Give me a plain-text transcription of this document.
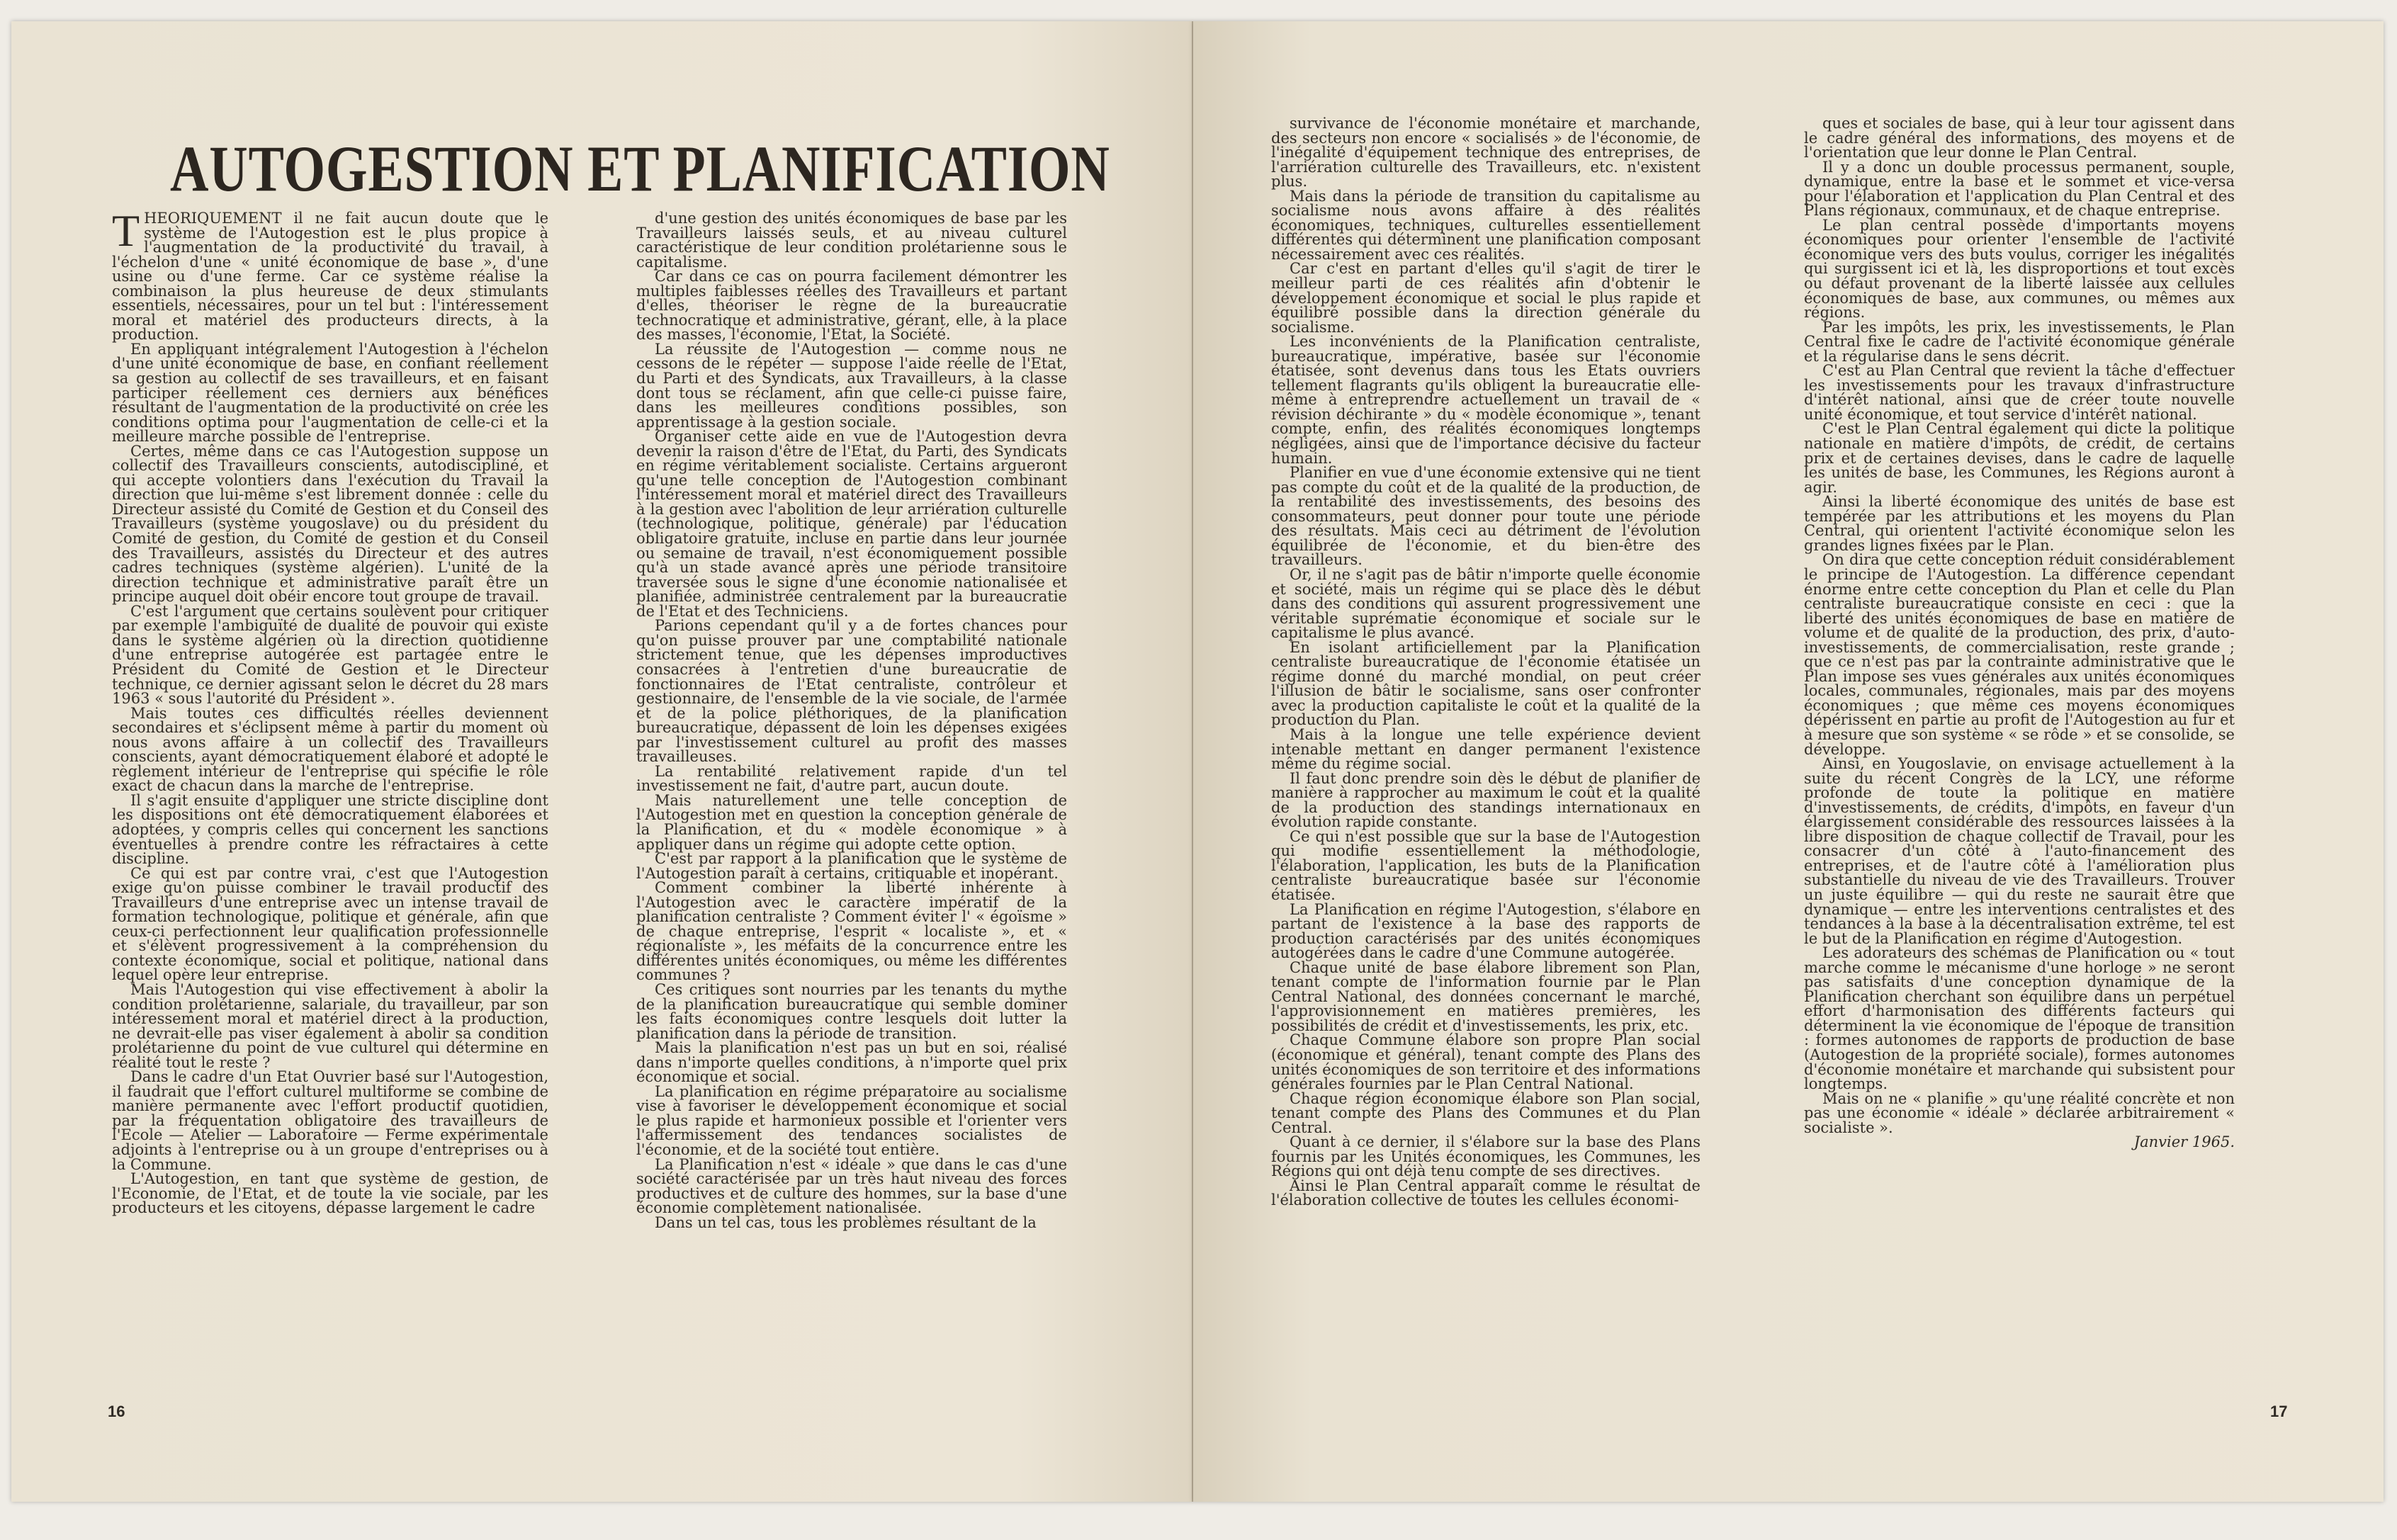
AUTOGESTION ET PLANIFICATION

THEORIQUEMENT il ne fait aucun doute que le système de l'Autogestion est le plus propice à l'augmentation de la productivité du travail, à l'échelon d'une « unité économique de base », d'une usine ou d'une ferme. Car ce système réalise la combinaison la plus heureuse de deux stimulants essentiels, nécessaires, pour un tel but : l'intéressement moral et matériel des producteurs directs, à la production.

En appliquant intégralement l'Autogestion à l'échelon d'une unité économique de base, en confiant réellement sa gestion au collectif de ses travailleurs, et en faisant participer réellement ces derniers aux bénéfices résultant de l'augmentation de la productivité on crée les conditions optima pour l'augmentation de celle-ci et la meilleure marche possible de l'entreprise.

Certes, même dans ce cas l'Autogestion suppose un collectif des Travailleurs conscients, autodiscipliné, et qui accepte volontiers dans l'exécution du Travail la direction que lui-même s'est librement donnée : celle du Directeur assisté du Comité de Gestion et du Conseil des Travailleurs (système yougoslave) ou du président du Comité de gestion, du Comité de gestion et du Conseil des Travailleurs, assistés du Directeur et des autres cadres techniques (système algérien). L'unité de la direction technique et administrative paraît être un principe auquel doit obéir encore tout groupe de travail.

C'est l'argument que certains soulèvent pour critiquer par exemple l'ambiguïté de dualité de pouvoir qui existe dans le système algérien où la direction quotidienne d'une entreprise autogérée est partagée entre le Président du Comité de Gestion et le Directeur technique, ce dernier agissant selon le décret du 28 mars 1963 « sous l'autorité du Président ».

Mais toutes ces difficultés réelles deviennent secondaires et s'éclipsent même à partir du moment où nous avons affaire à un collectif des Travailleurs conscients, ayant démocratiquement élaboré et adopté le règlement intérieur de l'entreprise qui spécifie le rôle exact de chacun dans la marche de l'entreprise.

Il s'agit ensuite d'appliquer une stricte discipline dont les dispositions ont été démocratiquement élaborées et adoptées, y compris celles qui concernent les sanctions éventuelles à prendre contre les réfractaires à cette discipline.

Ce qui est par contre vrai, c'est que l'Autogestion exige qu'on puisse combiner le travail productif des Travailleurs d'une entreprise avec un intense travail de formation technologique, politique et générale, afin que ceux-ci perfectionnent leur qualification professionnelle et s'élèvent progressivement à la compréhension du contexte économique, social et politique, national dans lequel opère leur entreprise.

Mais l'Autogestion qui vise effectivement à abolir la condition prolétarienne, salariale, du travailleur, par son intéressement moral et matériel direct à la production, ne devrait-elle pas viser également à abolir sa condition prolétarienne du point de vue culturel qui détermine en réalité tout le reste ?

Dans le cadre d'un Etat Ouvrier basé sur l'Autogestion, il faudrait que l'effort culturel multiforme se combine de manière permanente avec l'effort productif quotidien, par la fréquentation obligatoire des travailleurs de l'Ecole — Atelier — Laboratoire — Ferme expérimentale adjoints à l'entreprise ou à un groupe d'entreprises ou à la Commune.

L'Autogestion, en tant que système de gestion, de l'Economie, de l'Etat, et de toute la vie sociale, par les producteurs et les citoyens, dépasse largement le cadre

d'une gestion des unités économiques de base par les Travailleurs laissés seuls, et au niveau culturel caractéristique de leur condition prolétarienne sous le capitalisme.

Car dans ce cas on pourra facilement démontrer les multiples faiblesses réelles des Travailleurs et partant d'elles, théoriser le règne de la bureaucratie technocratique et administrative, gérant, elle, à la place des masses, l'économie, l'Etat, la Société.

La réussite de l'Autogestion — comme nous ne cessons de le répéter — suppose l'aide réelle de l'Etat, du Parti et des Syndicats, aux Travailleurs, à la classe dont tous se réclament, afin que celle-ci puisse faire, dans les meilleures conditions possibles, son apprentissage à la gestion sociale.

Organiser cette aide en vue de l'Autogestion devra devenir la raison d'être de l'Etat, du Parti, des Syndicats en régime véritablement socialiste. Certains argueront qu'une telle conception de l'Autogestion combinant l'intéressement moral et matériel direct des Travailleurs à la gestion avec l'abolition de leur arriération culturelle (technologique, politique, générale) par l'éducation obligatoire gratuite, incluse en partie dans leur journée ou semaine de travail, n'est économiquement possible qu'à un stade avancé après une période transitoire traversée sous le signe d'une économie nationalisée et planifiée, administrée centralement par la bureaucratie de l'Etat et des Techniciens.

Parions cependant qu'il y a de fortes chances pour qu'on puisse prouver par une comptabilité nationale strictement tenue, que les dépenses improductives consacrées à l'entretien d'une bureaucratie de fonctionnaires de l'Etat centraliste, contrôleur et gestionnaire, de l'ensemble de la vie sociale, de l'armée et de la police pléthoriques, de la planification bureaucratique, dépassent de loin les dépenses exigées par l'investissement culturel au profit des masses travailleuses.

La rentabilité relativement rapide d'un tel investissement ne fait, d'autre part, aucun doute.

Mais naturellement une telle conception de l'Autogestion met en question la conception générale de la Planification, et du « modèle économique » à appliquer dans un régime qui adopte cette option.

C'est par rapport à la planification que le système de l'Autogestion paraît à certains, critiquable et inopérant.

Comment combiner la liberté inhérente à l'Autogestion avec le caractère impératif de la planification centraliste ? Comment éviter l' « égoïsme » de chaque entreprise, l'esprit « localiste », et « régionaliste », les méfaits de la concurrence entre les différentes unités économiques, ou même les différentes communes ?

Ces critiques sont nourries par les tenants du mythe de la planification bureaucratique qui semble dominer les faits économiques contre lesquels doit lutter la planification dans la période de transition.

Mais la planification n'est pas un but en soi, réalisé dans n'importe quelles conditions, à n'importe quel prix économique et social.

La planification en régime préparatoire au socialisme vise à favoriser le développement économique et social le plus rapide et harmonieux possible et l'orienter vers l'affermissement des tendances socialistes de l'économie, et de la société tout entière.

La Planification n'est « idéale » que dans le cas d'une société caractérisée par un très haut niveau des forces productives et de culture des hommes, sur la base d'une économie complètement nationalisée.

Dans un tel cas, tous les problèmes résultant de la

16

survivance de l'économie monétaire et marchande, des secteurs non encore « socialisés » de l'économie, de l'inégalité d'équipement technique des entreprises, de l'arriération culturelle des Travailleurs, etc. n'existent plus.

Mais dans la période de transition du capitalisme au socialisme nous avons affaire à des réalités économiques, techniques, culturelles essentiellement différentes qui déterminent une planification composant nécessairement avec ces réalités.

Car c'est en partant d'elles qu'il s'agit de tirer le meilleur parti de ces réalités afin d'obtenir le développement économique et social le plus rapide et équilibré possible dans la direction générale du socialisme.

Les inconvénients de la Planification centraliste, bureaucratique, impérative, basée sur l'économie étatisée, sont devenus dans tous les Etats ouvriers tellement flagrants qu'ils obligent la bureaucratie elle-même à entreprendre actuellement un travail de « révision déchirante » du « modèle économique », tenant compte, enfin, des réalités économiques longtemps négligées, ainsi que de l'importance décisive du facteur humain.

Planifier en vue d'une économie extensive qui ne tient pas compte du coût et de la qualité de la production, de la rentabilité des investissements, des besoins des consommateurs, peut donner pour toute une période des résultats. Mais ceci au détriment de l'évolution équilibrée de l'économie, et du bien-être des travailleurs.

Or, il ne s'agit pas de bâtir n'importe quelle économie et société, mais un régime qui se place dès le début dans des conditions qui assurent progressivement une véritable suprématie économique et sociale sur le capitalisme le plus avancé.

En isolant artificiellement par la Planification centraliste bureaucratique de l'économie étatisée un régime donné du marché mondial, on peut créer l'illusion de bâtir le socialisme, sans oser confronter avec la production capitaliste le coût et la qualité de la production du Plan.

Mais à la longue une telle expérience devient intenable mettant en danger permanent l'existence même du régime social.

Il faut donc prendre soin dès le début de planifier de manière à rapprocher au maximum le coût et la qualité de la production des standings internationaux en évolution rapide constante.

Ce qui n'est possible que sur la base de l'Autogestion qui modifie essentiellement la méthodologie, l'élaboration, l'application, les buts de la Planification centraliste bureaucratique basée sur l'économie étatisée.

La Planification en régime l'Autogestion, s'élabore en partant de l'existence à la base des rapports de production caractérisés par des unités économiques autogérées dans le cadre d'une Commune autogérée.

Chaque unité de base élabore librement son Plan, tenant compte de l'information fournie par le Plan Central National, des données concernant le marché, l'approvisionnement en matières premières, les possibilités de crédit et d'investissements, les prix, etc.

Chaque Commune élabore son propre Plan social (économique et général), tenant compte des Plans des unités économiques de son territoire et des informations générales fournies par le Plan Central National.

Chaque région économique élabore son Plan social, tenant compte des Plans des Communes et du Plan Central.

Quant à ce dernier, il s'élabore sur la base des Plans fournis par les Unités économiques, les Communes, les Régions qui ont déjà tenu compte de ses directives.

Ainsi le Plan Central apparaît comme le résultat de l'élaboration collective de toutes les cellules économi-

ques et sociales de base, qui à leur tour agissent dans le cadre général des informations, des moyens et de l'orientation que leur donne le Plan Central.

Il y a donc un double processus permanent, souple, dynamique, entre la base et le sommet et vice-versa pour l'élaboration et l'application du Plan Central et des Plans régionaux, communaux, et de chaque entreprise.

Le plan central possède d'importants moyens économiques pour orienter l'ensemble de l'activité économique vers des buts voulus, corriger les inégalités qui surgissent ici et là, les disproportions et tout excès ou défaut provenant de la liberté laissée aux cellules économiques de base, aux communes, ou mêmes aux régions.

Par les impôts, les prix, les investissements, le Plan Central fixe le cadre de l'activité économique générale et la régularise dans le sens décrit.

C'est au Plan Central que revient la tâche d'effectuer les investissements pour les travaux d'infrastructure d'intérêt national, ainsi que de créer toute nouvelle unité économique, et tout service d'intérêt national.

C'est le Plan Central également qui dicte la politique nationale en matière d'impôts, de crédit, de certains prix et de certaines devises, dans le cadre de laquelle les unités de base, les Communes, les Régions auront à agir.

Ainsi la liberté économique des unités de base est tempérée par les attributions et les moyens du Plan Central, qui orientent l'activité économique selon les grandes lignes fixées par le Plan.

On dira que cette conception réduit considérablement le principe de l'Autogestion. La différence cependant énorme entre cette conception du Plan et celle du Plan centraliste bureaucratique consiste en ceci : que la liberté des unités économiques de base en matière de volume et de qualité de la production, des prix, d'auto-investissements, de commercialisation, reste grande ; que ce n'est pas par la contrainte administrative que le Plan impose ses vues générales aux unités économiques locales, communales, régionales, mais par des moyens économiques ; que même ces moyens économiques dépérissent en partie au profit de l'Autogestion au fur et à mesure que son système « se rôde » et se consolide, se développe.

Ainsi, en Yougoslavie, on envisage actuellement à la suite du récent Congrès de la LCY, une réforme profonde de toute la politique en matière d'investissements, de crédits, d'impôts, en faveur d'un élargissement considérable des ressources laissées à la libre disposition de chaque collectif de Travail, pour les consacrer d'un côté à l'auto-financement des entreprises, et de l'autre côté à l'amélioration plus substantielle du niveau de vie des Travailleurs. Trouver un juste équilibre — qui du reste ne saurait être que dynamique — entre les interventions centralistes et des tendances à la base à la décentralisation extrême, tel est le but de la Planification en régime d'Autogestion.

Les adorateurs des schémas de Planification ou « tout marche comme le mécanisme d'une horloge » ne seront pas satisfaits d'une conception dynamique de la Planification cherchant son équilibre dans un perpétuel effort d'harmonisation des différents facteurs qui déterminent la vie économique de l'époque de transition : formes autonomes de rapports de production de base (Autogestion de la propriété sociale), formes autonomes d'économie monétaire et marchande qui subsistent pour longtemps.

Mais on ne « planifie » qu'une réalité concrète et non pas une économie « idéale » déclarée arbitrairement « socialiste ».

Janvier 1965.

17
